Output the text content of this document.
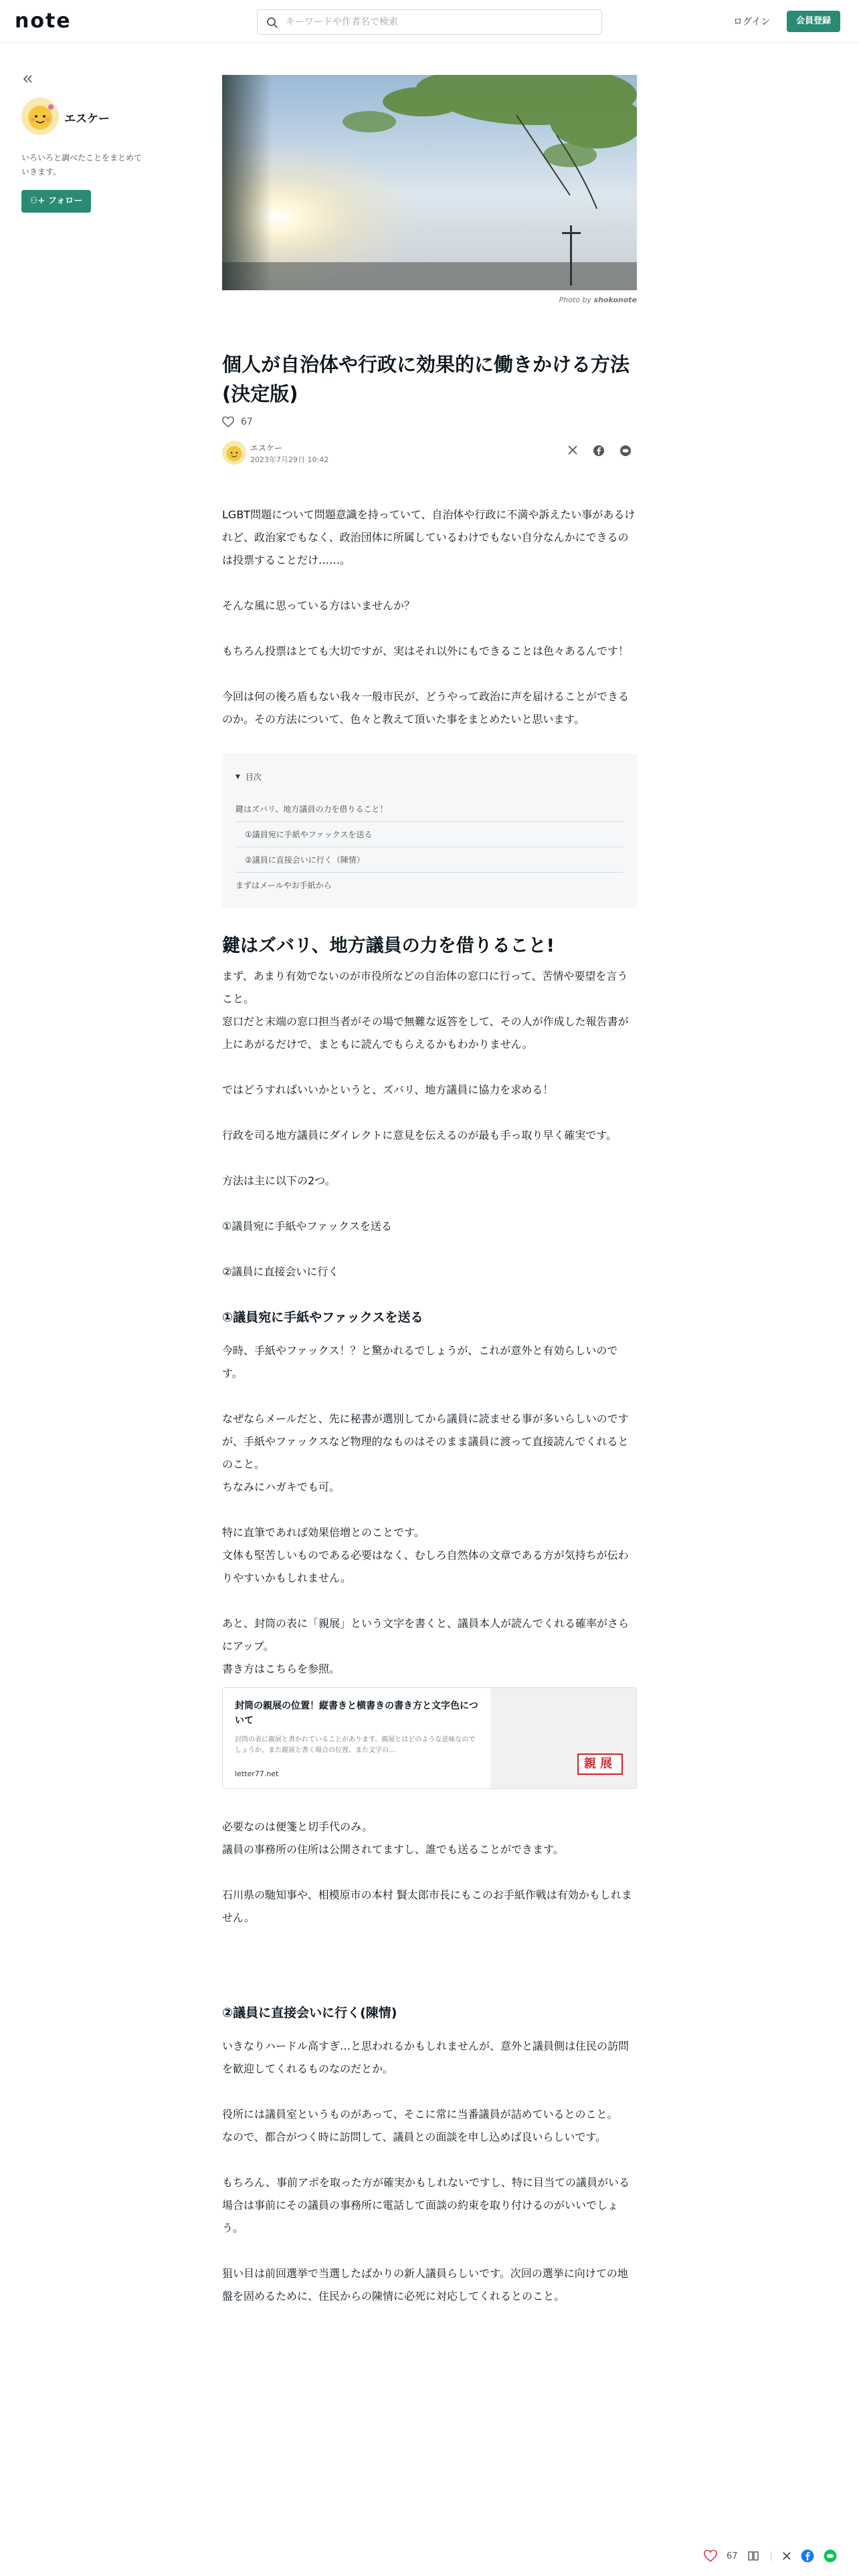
note
キーワードや作者名で検索	ログイン	会員登録
エスケー
いろいろと調べたことをまとめていきます。
⚇+ フォロー
Photo by shokonote
個人が自治体や行政に効果的に働きかける方法(決定版)
67
エスケー
2023年7月29日 10:42

LGBT問題について問題意識を持っていて、自治体や行政に不満や訴えたい事があるけれど、政治家でもなく、政治団体に所属しているわけでもない自分なんかにできるのは投票することだけ……。

そんな風に思っている方はいませんか？

もちろん投票はとても大切ですが、実はそれ以外にもできることは色々あるんです！

今回は何の後ろ盾もない我々一般市民が、どうやって政治に声を届けることができるのか。その方法について、色々と教えて頂いた事をまとめたいと思います。

▼ 目次
鍵はズバリ、地方議員の力を借りること！
①議員宛に手紙やファックスを送る
②議員に直接会いに行く（陳情）
まずはメールやお手紙から
鍵はズバリ、地方議員の力を借りること!

まず、あまり有効でないのが市役所などの自治体の窓口に行って、苦情や要望を言うこと。
窓口だと末端の窓口担当者がその場で無難な返答をして、その人が作成した報告書が上にあがるだけで、まともに読んでもらえるかもわかりません。

ではどうすればいいかというと、ズバリ、地方議員に協力を求める！

行政を司る地方議員にダイレクトに意見を伝えるのが最も手っ取り早く確実です。

方法は主に以下の2つ。

①議員宛に手紙やファックスを送る

②議員に直接会いに行く

①議員宛に手紙やファックスを送る

今時、手紙やファックス！？と驚かれるでしょうが、これが意外と有効らしいのです。

なぜならメールだと、先に秘書が選別してから議員に読ませる事が多いらしいのですが、手紙やファックスなど物理的なものはそのまま議員に渡って直接読んでくれるとのこと。
ちなみにハガキでも可。

特に直筆であれば効果倍増とのことです。
文体も堅苦しいものである必要はなく、むしろ自然体の文章である方が気持ちが伝わりやすいかもしれません。

あと、封筒の表に「親展」という文字を書くと、議員本人が読んでくれる確率がさらにアップ。
書き方はこちらを参照。

封筒の親展の位置！縦書きと横書きの書き方と文字色について
封筒の表に親展と書かれていることがあります。親展とはどのような意味なのでしょうか。また親展と書く場合の位置、また文字の…
letter77.net
親展

必要なのは便箋と切手代のみ。
議員の事務所の住所は公開されてますし、誰でも送ることができます。

石川県の馳知事や、相模原市の本村 賢太郎市長にもこのお手紙作戦は有効かもしれません。

②議員に直接会いに行く(陳情)

いきなりハードル高すぎ…と思われるかもしれませんが、意外と議員側は住民の訪問を歓迎してくれるものなのだとか。

役所には議員室というものがあって、そこに常に当番議員が詰めているとのこと。
なので、都合がつく時に訪問して、議員との面談を申し込めば良いらしいです。

もちろん、事前アポを取った方が確実かもしれないですし、特に目当ての議員がいる場合は事前にその議員の事務所に電話して面談の約束を取り付けるのがいいでしょう。

狙い目は前回選挙で当選したばかりの新人議員らしいです。次回の選挙に向けての地盤を固めるために、住民からの陳情に必死に対応してくれるとのこと。

67	|
